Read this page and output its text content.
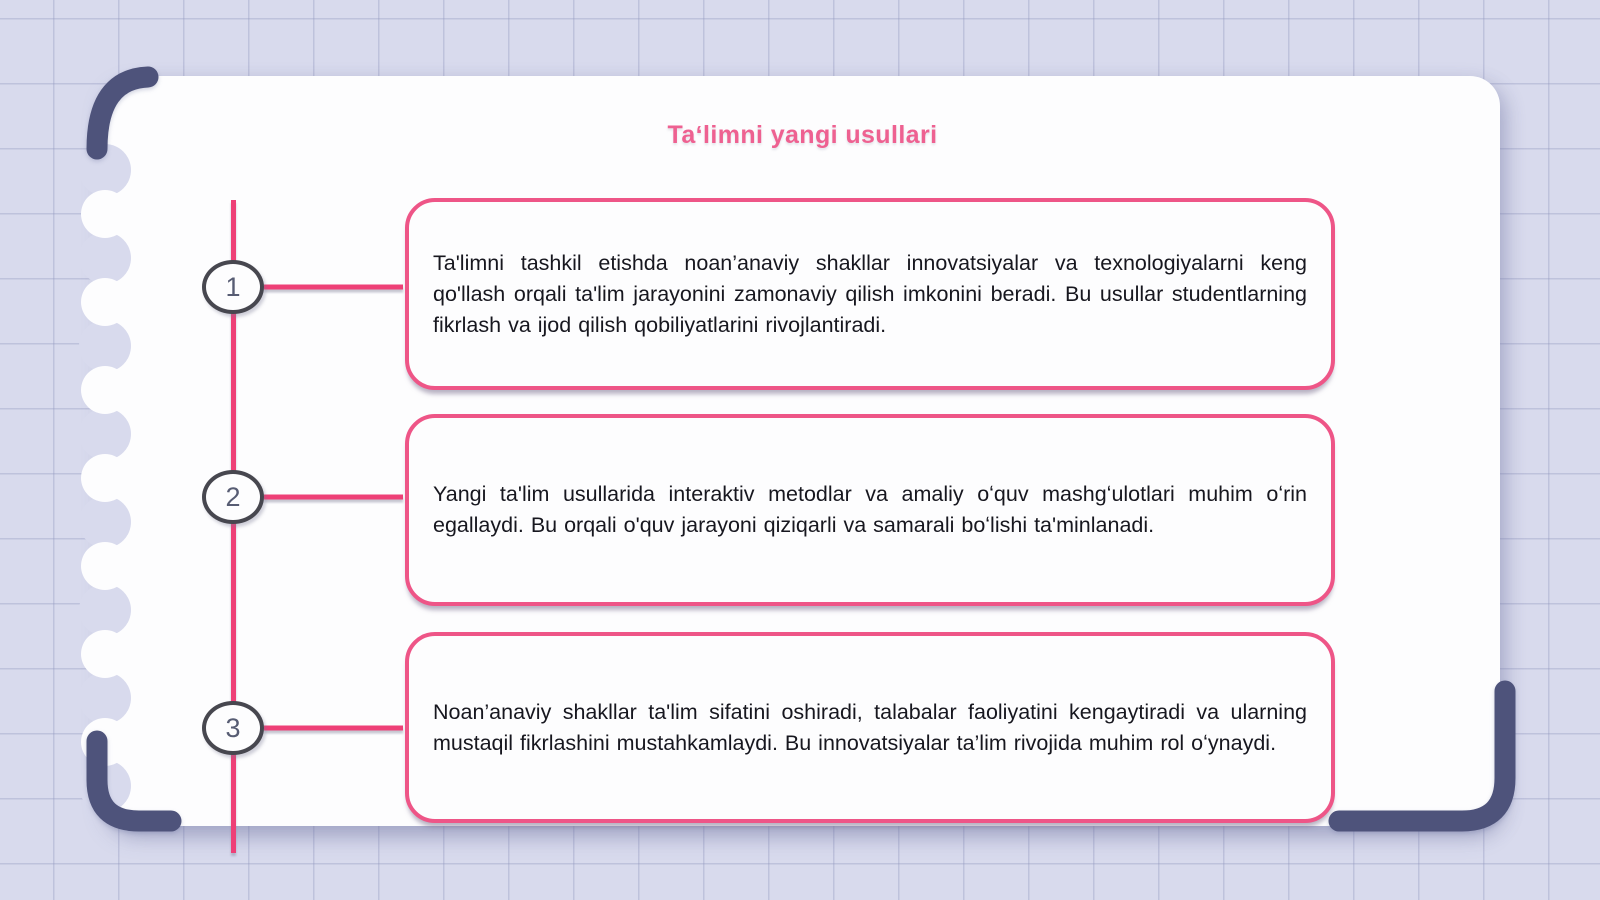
Taʻlimni yangi usullari
1
2
3

Ta'limni tashkil etishda noan’anaviy shakllar innovatsiyalar va texnologiyalarni keng qo'llash orqali ta'lim jarayonini zamonaviy qilish imkonini beradi. Bu usullar studentlarning fikrlash va ijod qilish qobiliyatlarini rivojlantiradi.

Yangi ta'lim usullarida interaktiv metodlar va amaliy oʻquv mashgʻulotlari muhim oʻrin egallaydi. Bu orqali o'quv jarayoni qiziqarli va samarali boʻlishi ta'minlanadi.

Noan’anaviy shakllar ta'lim sifatini oshiradi, talabalar faoliyatini kengaytiradi va ularning mustaqil fikrlashini mustahkamlaydi. Bu innovatsiyalar ta’lim rivojida muhim rol oʻynaydi.
